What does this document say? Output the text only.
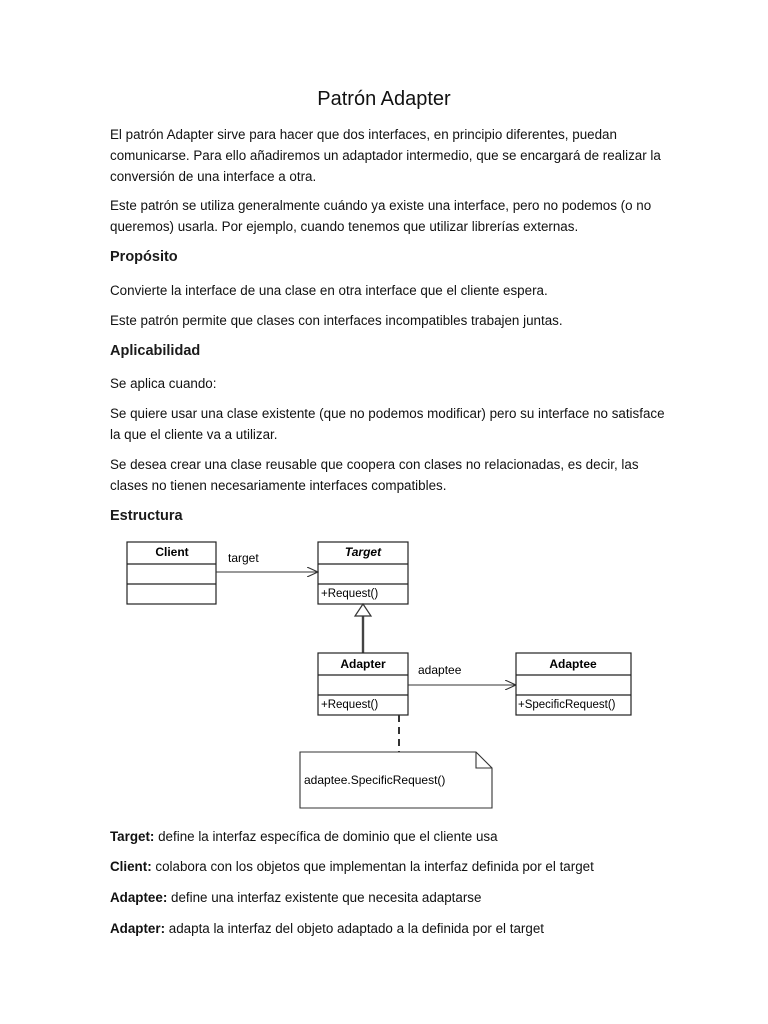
Patrón Adapter

El patrón Adapter sirve para hacer que dos interfaces, en principio diferentes, puedan comunicarse. Para ello añadiremos un adaptador intermedio, que se encargará de realizar la conversión de una interface a otra.

Este patrón se utiliza generalmente cuándo ya existe una interface, pero no podemos (o no queremos) usarla. Por ejemplo, cuando tenemos que utilizar librerías externas.

Propósito

Convierte la interface de una clase en otra interface que el cliente espera.

Este patrón permite que clases con interfaces incompatibles trabajen juntas.

Aplicabilidad

Se aplica cuando:

Se quiere usar una clase existente (que no podemos modificar) pero su interface no satisface la que el cliente va a utilizar.

Se desea crear una clase reusable que coopera con clases no relacionadas, es decir, las clases no tienen necesariamente interfaces compatibles.

Estructura
Client	Target
+Request()
target
Adapter
+Request()
adaptee	Adaptee
+SpecificRequest()
adaptee.SpecificRequest()

Target: define la interfaz específica de dominio que el cliente usa

Client: colabora con los objetos que implementan la interfaz definida por el target

Adaptee: define una interfaz existente que necesita adaptarse

Adapter: adapta la interfaz del objeto adaptado a la definida por el target
